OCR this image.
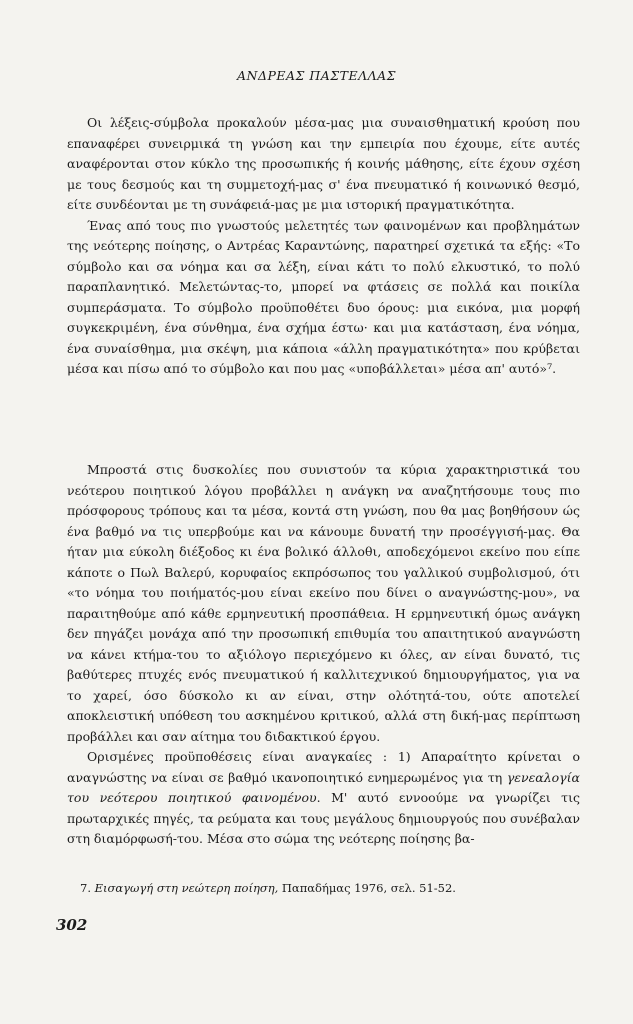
ΑΝΔΡΕΑΣ ΠΑΣΤΕΛΛΑΣ

Οι λέξεις-σύμβολα προκαλούν μέσα-μας μια συναισθηματική κρούση που επαναφέρει συνειρμικά τη γνώση και την εμπειρία που έχουμε, είτε αυτές αναφέρονται στον κύκλο της προσωπικής ή κοινής μάθησης, είτε έχουν σχέση με τους δεσμούς και τη συμμετοχή-μας σ' ένα πνευματικό ή κοινωνικό θεσμό, είτε συνδέονται με τη συνάφειά-μας με μια ιστορική πραγματικότητα.

Ένας από τους πιο γνωστούς μελετητές των φαινομένων και προβλημάτων της νεότερης ποίησης, ο Αντρέας Καραντώνης, παρατηρεί σχετικά τα εξής: «Το σύμβολο και σα νόημα και σα λέξη, είναι κάτι το πολύ ελκυστικό, το πολύ παραπλανητικό. Μελετώντας-το, μπορεί να φτάσεις σε πολλά και ποικίλα συμπεράσματα. Το σύμβολο προϋποθέτει δυο όρους: μια εικόνα, μια μορφή συγκεκριμένη, ένα σύνθημα, ένα σχήμα έστω· και μια κατάσταση, ένα νόημα, ένα συναίσθημα, μια σκέψη, μια κάποια «άλλη πραγματικότητα» που κρύβεται μέσα και πίσω από το σύμβολο και που μας «υποβάλλεται» μέσα απ' αυτό»⁷.

Μπροστά στις δυσκολίες που συνιστούν τα κύρια χαρακτηριστικά του νεότερου ποιητικού λόγου προβάλλει η ανάγκη να αναζητήσουμε τους πιο πρόσφορους τρόπους και τα μέσα, κοντά στη γνώση, που θα μας βοηθήσουν ώς ένα βαθμό να τις υπερβούμε και να κάνουμε δυνατή την προσέγγισή-μας. Θα ήταν μια εύκολη διέξοδος κι ένα βολικό άλλοθι, αποδεχόμενοι εκείνο που είπε κάποτε ο Πωλ Βαλερύ, κορυφαίος εκπρόσωπος του γαλλικού συμβολισμού, ότι «το νόημα του ποιήματός-μου είναι εκείνο που δίνει ο αναγνώστης-μου», να παραιτηθούμε από κάθε ερμηνευτική προσπάθεια. Η ερμηνευτική όμως ανάγκη δεν πηγάζει μονάχα από την προσωπική επιθυμία του απαιτητικού αναγνώστη να κάνει κτήμα-του το αξιόλογο περιεχόμενο κι όλες, αν είναι δυνατό, τις βαθύτερες πτυχές ενός πνευματικού ή καλλιτεχνικού δημιουργήματος, για να το χαρεί, όσο δύσκολο κι αν είναι, στην ολότητά-του, ούτε αποτελεί αποκλειστική υπόθεση του ασκημένου κριτικού, αλλά στη δική-μας περίπτωση προβάλλει και σαν αίτημα του διδακτικού έργου.

Ορισμένες προϋποθέσεις είναι αναγκαίες : 1) Απαραίτητο κρίνεται ο αναγνώστης να είναι σε βαθμό ικανοποιητικό ενημερωμένος για τη γενεαλογία του νεότερου ποιητικού φαινομένου. Μ' αυτό εννοούμε να γνωρίζει τις πρωταρχικές πηγές, τα ρεύματα και τους μεγάλους δημιουργούς που συνέβαλαν στη διαμόρφωσή-του. Μέσα στο σώμα της νεότερης ποίησης βα-

7. Εισαγωγή στη νεώτερη ποίηση, Παπαδήμας 1976, σελ. 51-52.
302
